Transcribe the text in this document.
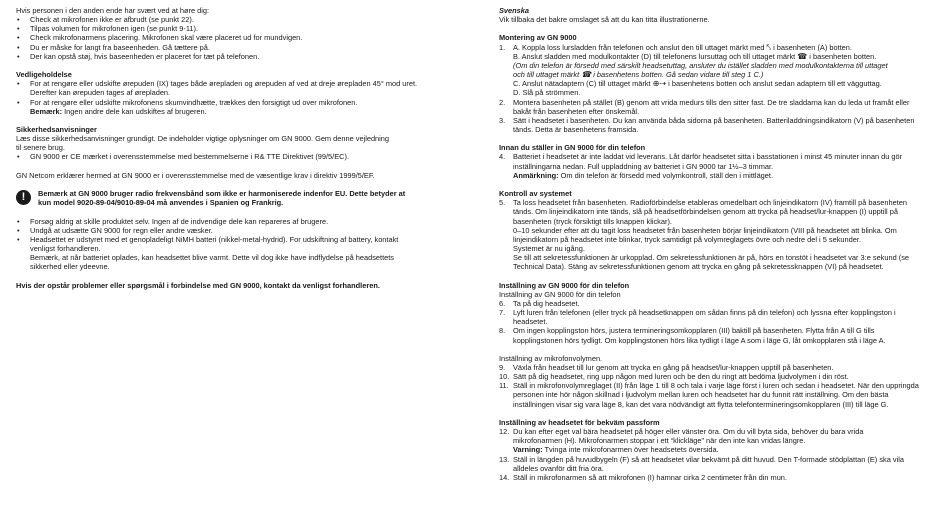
Hvis personen i den anden ende har svært ved at høre dig:
•	Check at mikrofonen ikke er afbrudt (se punkt 22).
•	Tilpas volumen for mikrofonen igen (se punkt 9-11).
•	Check mikrofonarmens placering. Mikrofonen skal være placeret ud for mundvigen.
•	Du er måske for langt fra baseenheden. Gå tættere på.
•	Der kan opstå støj, hvis baseenheden er placeret for tæt på telefonen.
Vedligeholdelse
•	For at rengøre eller udskifte ørepuden (IX) tages både ørepladen og ørepuden af ved at dreje ørepladen 45° mod uret.
Derefter kan ørepuden tages af ørepladen.
•	For at rengøre eller udskifte mikrofonens skumvindhætte, trækkes den forsigtigt ud over mikrofonen.
Bemærk: Ingen andre dele kan udskiftes af brugeren.
Sikkerhedsanvisninger
Læs disse sikkerhedsanvisninger grundigt. De indeholder vigtige oplysninger om GN 9000. Gem denne vejledning
til senere brug.
•	GN 9000 er CE mærket i overensstemmelse med bestemmelserne i R& TTE Direktivet (99/5/EC).
GN Netcom erklærer hermed at GN 9000 er i overensstemmelse med de væsentlige krav i direktiv 1999/5/EF.
!	Bemærk at GN 9000 bruger radio frekvensbånd som ikke er harmoniserede indenfor EU. Dette betyder at
kun model 9020-89-04/9010-89-04 må anvendes i Spanien og Frankrig.
•	Forsøg aldrig at skille produktet selv. Ingen af de indvendige dele kan repareres af brugere.
•	Undgå at udsætte GN 9000 for regn eller andre væsker.
•	Headsettet er udstyret med et genopladeligt NiMH batteri (nikkel-metal-hydrid). For udskiftning af battery, kontakt
venligst forhandleren.
Bemærk, at når batteriet oplades, kan headsettet blive varmt. Dette vil dog ikke have indflydelse på headsettets
sikkerhed eller ydeevne.
Hvis der opstår problemer eller spørgsmål i forbindelse med GN 9000, kontakt da venligst forhandleren.
Svenska
Vik tillbaka det bakre omslaget så att du kan titta illustrationerne.
Montering av GN 9000
1.	A. Koppla loss lursladden från telefonen och anslut den till uttaget märkt med ⤣ i basenheten (A) botten.
B. Anslut sladden med modulkontakter (D) till telefonens lursuttag och till uttaget märkt ☎ i basenheten botten.
(Om din telefon är försedd med särskilt headsetuttag, ansluter du istället sladden med modulkontakterna till uttaget
och till uttaget märkt ☎ i basenhetens botten. Gå sedan vidare till steg 1 C.)
C. Anslut nätadaptern (C) till uttaget märkt ⊕⇢ i basenhetens botten och anslut sedan adaptern till ett vägguttag.
D. Slå på strömmen.
2.	Montera basenheten på stället (B) genom att vrida medurs tills den sitter fast. De tre sladdarna kan du leda ut framåt eller
bakåt från basenheten efter önskemål.
3.	Sätt i headsetet i basenheten. Du kan använda båda sidorna på basenheten. Batteriladdningsindikatorn (V) på basenheten
tänds. Detta är basenhetens framsida.
Innan du ställer in GN 9000 för din telefon
4.	Batteriet i headsetet är inte laddat vid leverans. Låt därför headsetet sitta i basstationen i minst 45 minuter innan du gör
inställningarna nedan. Full uppladdning av batteriet i GN 9000 tar 1½–3 timmar.
Anmärkning: Om din telefon är försedd med volymkontroll, ställ den i mittläget.
Kontroll av systemet
5.	Ta loss headsetet från basenheten. Radioförbindelse etableras omedelbart och linjeindikatorn (IV) framtill på basenheten
tänds. Om linjeindikatorn inte tänds, slå på headsetförbindelsen genom att trycka på headset/lur-knappen (I) upptill på
basenheten (tryck försiktigt tills knappen klickar).
0–10 sekunder efter att du tagit loss headsetet från basenheten börjar linjeindikatorn (VIII på headsetet att blinka. Om
linjeindikatorn på headsetet inte blinkar, tryck samtidigt på volymreglagets övre och nedre del i 5 sekunder.
Systemet är nu igång.
Se till att sekretessfunktionen är urkopplad. Om sekretessfunktionen är på, hörs en tonstöt i headsetet var 3:e sekund (se
Technical Data). Stäng av sekretessfunktionen genom att trycka en gång på sekretessknappen (VI) på headsetet.
Inställning av GN 9000 för din telefon
Inställning av GN 9000 för din telefon
6.	Ta på dig headsetet.
7.	Lyft luren från telefonen (eller tryck på headsetknappen om sådan finns på din telefon) och lyssna efter kopplingston i
headsetet.
8.	Om ingen kopplingston hörs, justera termineringsomkopplaren (III) baktill på basenheten. Flytta från A till G tills
kopplingstonen hörs tydligt. Om kopplingstonen hörs lika tydligt i läge A som i läge G, låt omkopplaren stå i läge A.
Inställning av mikrofonvolymen.
9.	Växla från headset till lur genom att trycka en gång på headset/lur-knappen upptill på basenheten.
10. Sätt på dig headsetet, ring upp någon med luren och be den du ringt att bedöma ljudvolymen i din röst.
11. Ställ in mikrofonvolymreglaget (II) från läge 1 till 8 och tala i varje läge först i luren och sedan i headsetet. När den uppringda
personen inte hör någon skillnad i ljudvolym mellan luren och headsetet har du funnit rätt inställning. Om den bästa
inställningen visar sig vara läge 8, kan det vara nödvändigt att flytta telefontermineringsomkopplaren (III) till läge G.
Inställning av headsetet för bekväm passform
12. Du kan efter eget val bära headsetet på höger eller vänster öra. Om du vill byta sida, behöver du bara vrida
mikrofonarmen (H). Mikrofonarmen stoppar i ett “klickläge” när den inte kan vridas längre.
Varning: Tvinga inte mikrofonarmen över headsetets översida.
13. Ställ in längden på huvudbygeln (F) så att headsetet vilar bekvämt på ditt huvud. Den T-formade stödplattan (E) ska vila
alldeles ovanför ditt fria öra.
14. Ställ in mikrofonarmen så att mikrofonen (I) hamnar cirka 2 centimeter från din mun.
